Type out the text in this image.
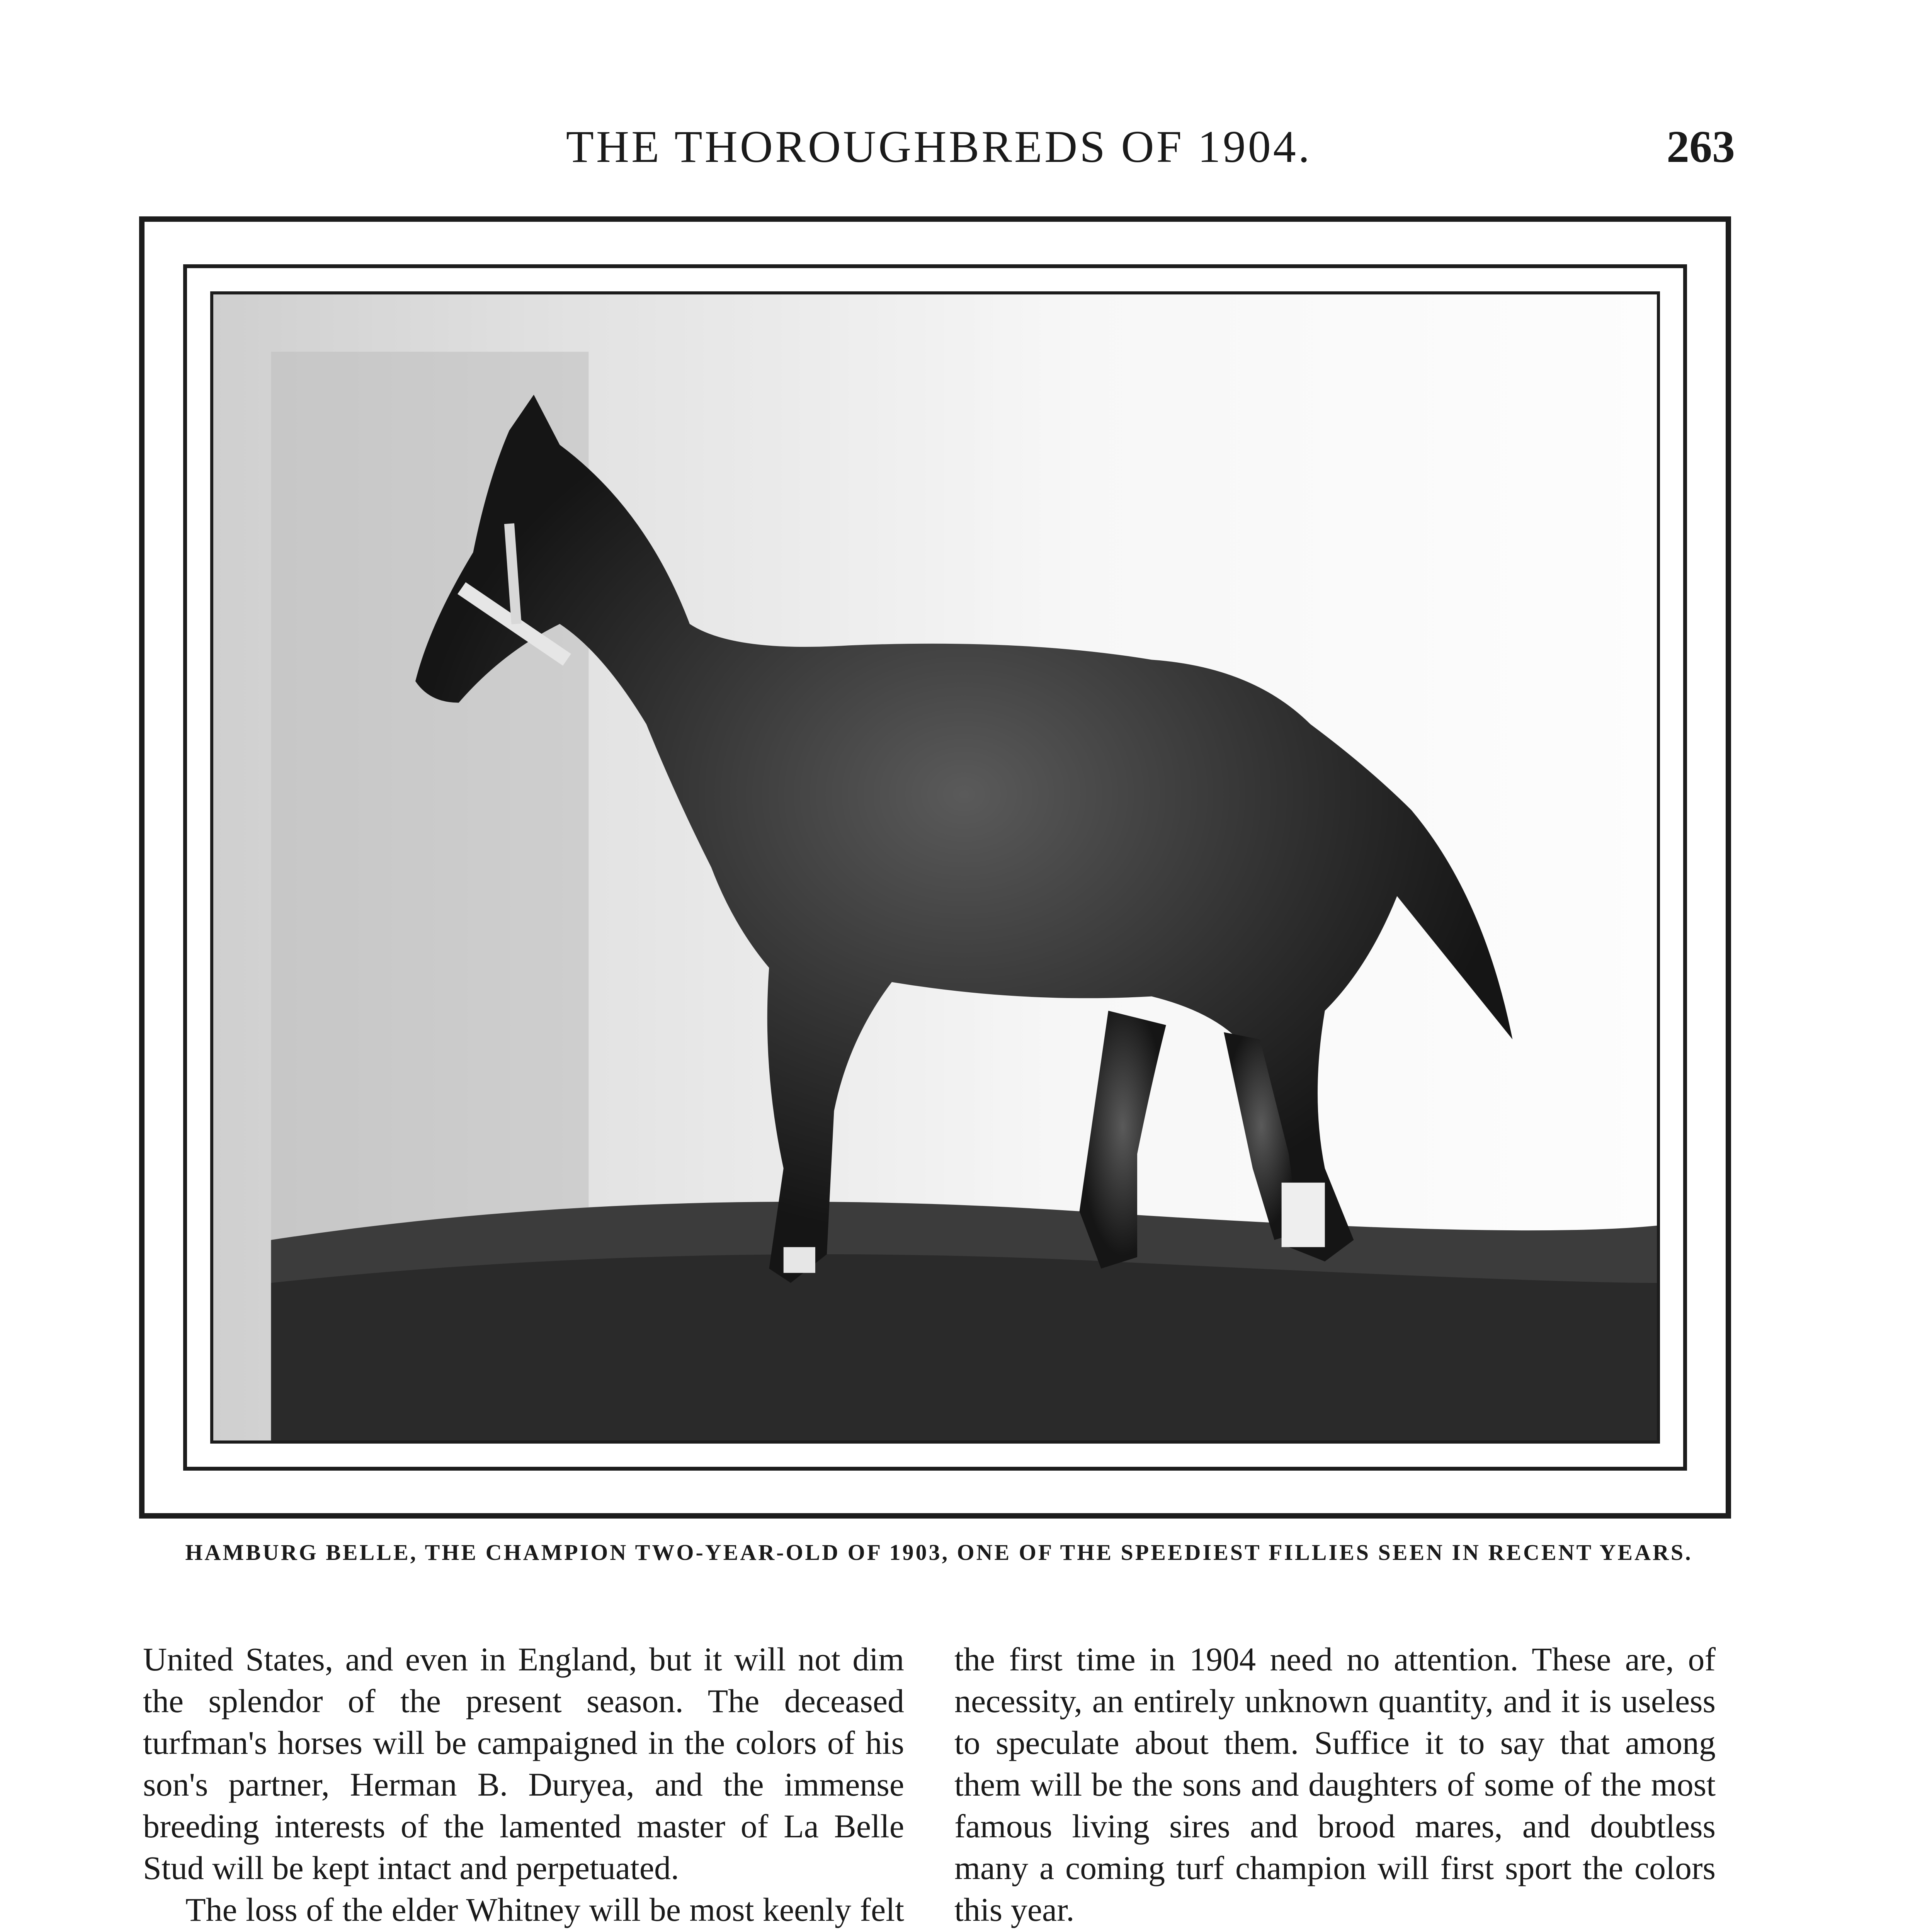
THE THOROUGHBREDS OF 1904.	263
HAMBURG BELLE, THE CHAMPION TWO-YEAR-OLD OF 1903, ONE OF THE SPEEDIEST FILLIES SEEN IN RECENT YEARS.

United States, and even in England, but it will not dim the splendor of the present season. The deceased turfman's horses will be campaigned in the colors of his son's partner, Herman B. Duryea, and the immense breeding interests of the lamented master of La Belle Stud will be kept intact and perpetuated.

The loss of the elder Whitney will be most keenly felt

the first time in 1904 need no attention. These are, of necessity, an entirely unknown quantity, and it is useless to speculate about them. Suffice it to say that among them will be the sons and daughters of some of the most famous living sires and brood mares, and doubtless many a coming turf champion will first sport the colors this year.
